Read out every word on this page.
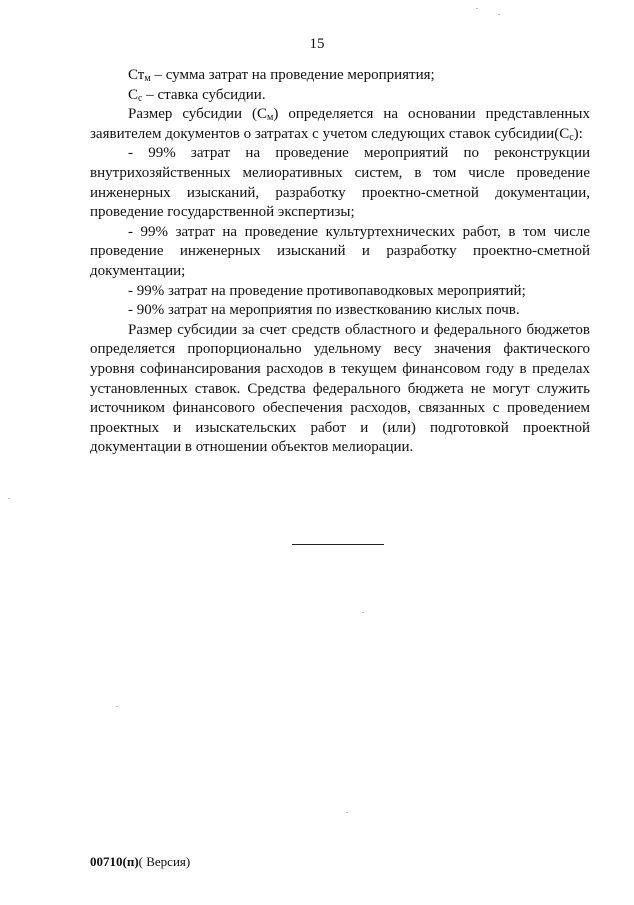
15

$Ст_м$ – сумма затрат на проведение мероприятия;

$С_с$ – ставка субсидии.

Размер субсидии $(С_м)$ определяется на основании представленных заявителем документов о затратах с учетом следующих ставок $субсидии(С_с)$:

- 99% затрат на проведение мероприятий по реконструкции внутрихозяйственных мелиоративных систем, в том числе проведение инженерных изысканий, разработку проектно-сметной документации, проведение государственной экспертизы;

- 99% затрат на проведение культуртехнических работ, в том числе проведение инженерных изысканий и разработку проектно-сметной документации;

- 99% затрат на проведение противопаводковых мероприятий;

- 90% затрат на мероприятия по известкованию кислых почв.

Размер субсидии за счет средств областного и федерального бюджетов определяется пропорционально удельному весу значения фактического уровня софинансирования расходов в текущем финансовом году в пределах установленных ставок. Средства федерального бюджета не могут служить источником финансового обеспечения расходов, связанных с проведением проектных и изыскательских работ и (или) подготовкой проектной документации в отношении объектов мелиорации.

00710(п)( Версия)
